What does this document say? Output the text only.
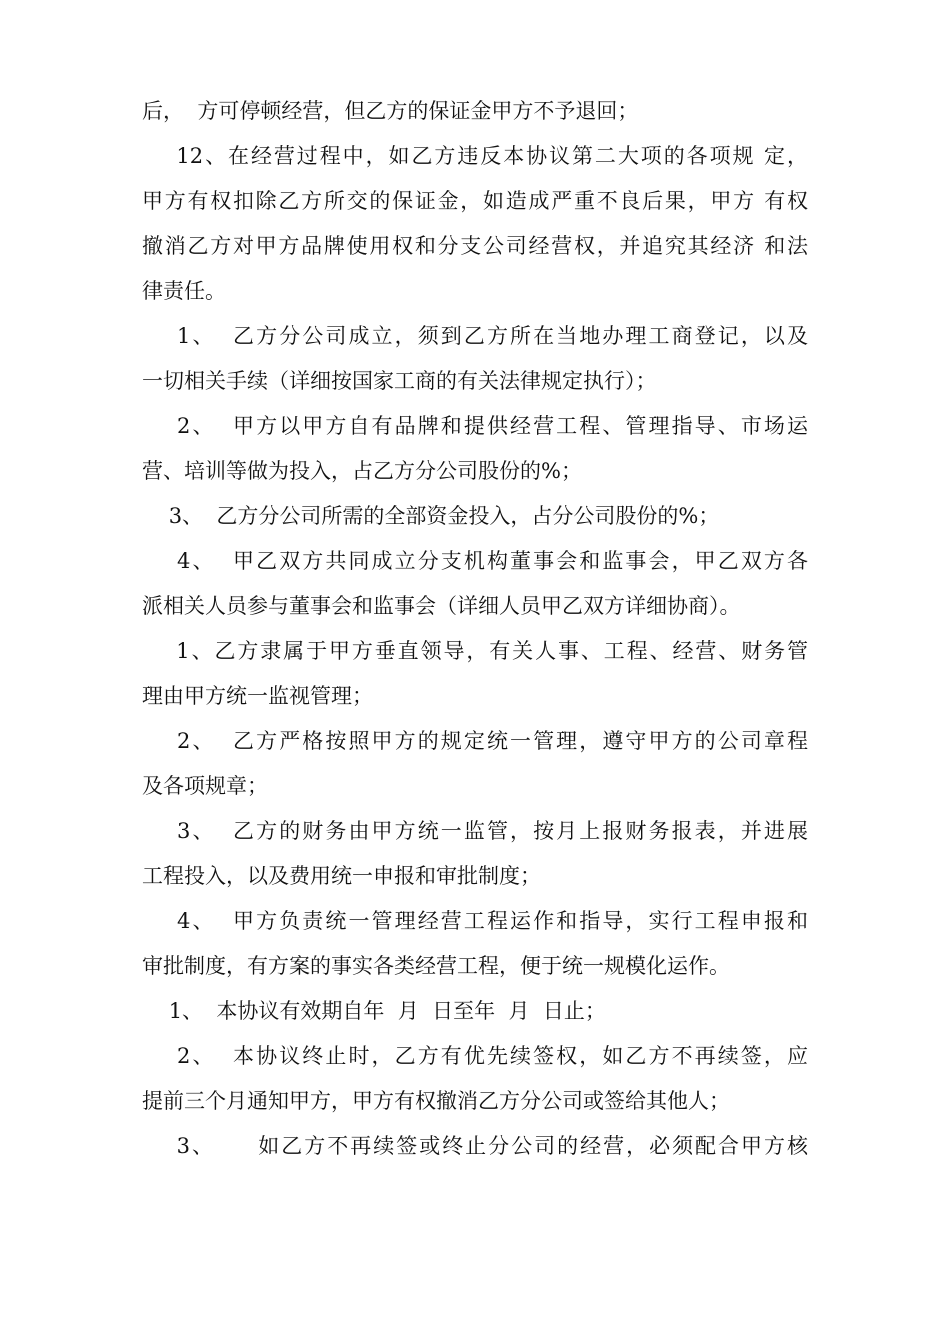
后，  方可停顿经营，但乙方的保证金甲方不予退回；
12、在经营过程中，如乙方违反本协议第二大项的各项规 定，
甲方有权扣除乙方所交的保证金，如造成严重不良后果，甲方 有权
撤消乙方对甲方品牌使用权和分支公司经营权，并追究其经济 和法
律责任。
1、  乙方分公司成立，须到乙方所在当地办理工商登记，以及
一切相关手续（详细按国家工商的有关法律规定执行）；
2、  甲方以甲方自有品牌和提供经营工程、管理指导、市场运
营、培训等做为投入，占乙方分公司股份的%；
3、  乙方分公司所需的全部资金投入，占分公司股份的%；
4、  甲乙双方共同成立分支机构董事会和监事会，甲乙双方各
派相关人员参与董事会和监事会（详细人员甲乙双方详细协商）。
1、乙方隶属于甲方垂直领导，有关人事、工程、经营、财务管
理由甲方统一监视管理；
2、  乙方严格按照甲方的规定统一管理，遵守甲方的公司章程
及各项规章；
3、  乙方的财务由甲方统一监管，按月上报财务报表，并进展
工程投入，以及费用统一申报和审批制度；
4、  甲方负责统一管理经营工程运作和指导，实行工程申报和
审批制度，有方案的事实各类经营工程，便于统一规模化运作。
1、  本协议有效期自年  月  日至年  月  日止；
2、  本协议终止时，乙方有优先续签权，如乙方不再续签，应
提前三个月通知甲方，甲方有权撤消乙方分公司或签给其他人；
3、     如乙方不再续签或终止分公司的经营，必须配合甲方核
